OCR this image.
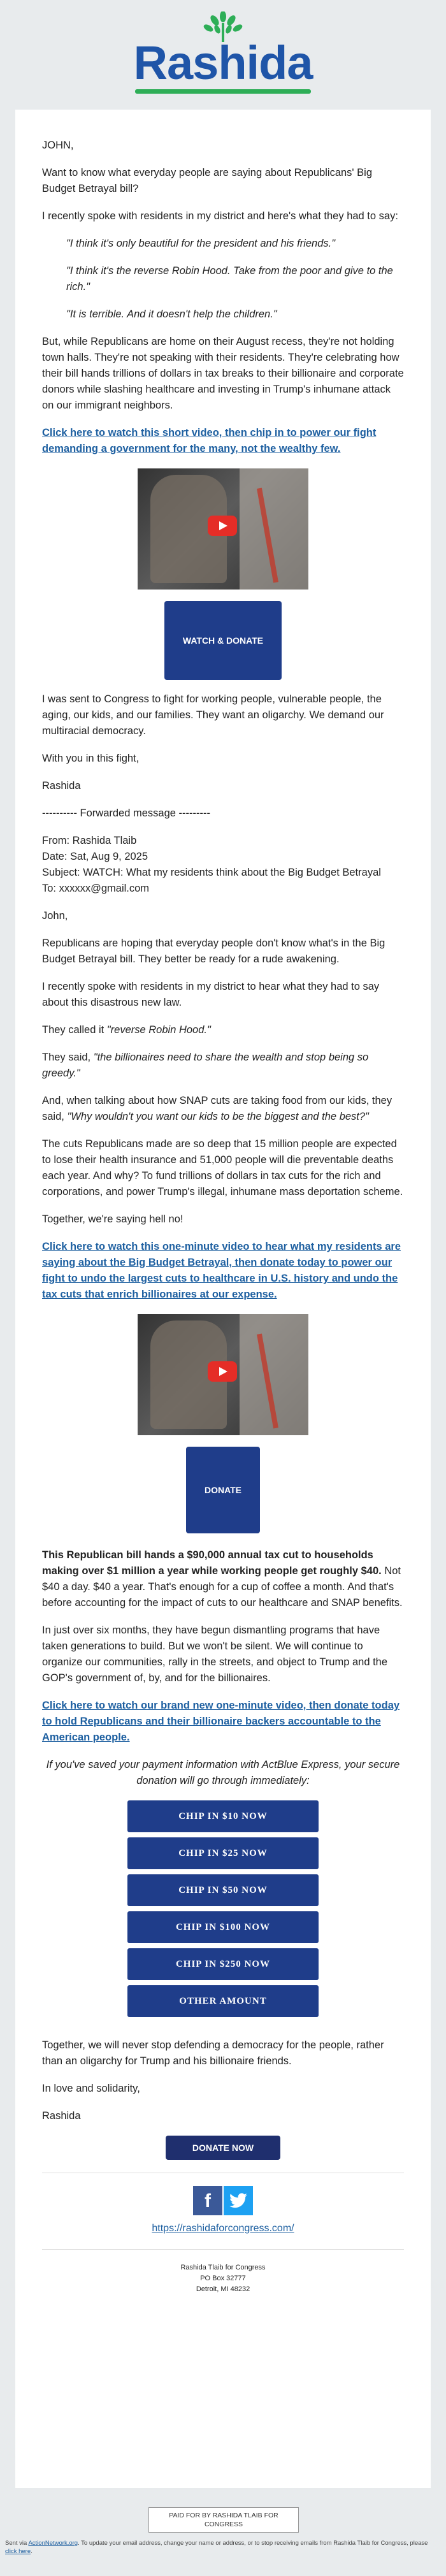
Rashida

JOHN,

Want to know what everyday people are saying about Republicans' Big Budget Betrayal bill?

I recently spoke with residents in my district and here's what they had to say:

"I think it's only beautiful for the president and his friends."

"I think it's the reverse Robin Hood. Take from the poor and give to the rich."

"It is terrible. And it doesn't help the children."

But, while Republicans are home on their August recess, they're not holding town halls. They're not speaking with their residents. They're celebrating how their bill hands trillions of dollars in tax breaks to their billionaire and corporate donors while slashing healthcare and investing in Trump's inhumane attack on our immigrant neighbors.

Click here to watch this short video, then chip in to power our fight demanding a government for the many, not the wealthy few.

WATCH & DONATE

I was sent to Congress to fight for working people, vulnerable people, the aging, our kids, and our families. They want an oligarchy. We demand our multiracial democracy.

With you in this fight,

Rashida

---------- Forwarded message ---------

From: Rashida Tlaib
Date: Sat, Aug 9, 2025
Subject: WATCH: What my residents think about the Big Budget Betrayal

To: xxxxxx@gmail.com

John,

Republicans are hoping that everyday people don't know what's in the Big Budget Betrayal bill. They better be ready for a rude awakening.

I recently spoke with residents in my district to hear what they had to say about this disastrous new law.

They called it "reverse Robin Hood."

They said, "the billionaires need to share the wealth and stop being so greedy."

And, when talking about how SNAP cuts are taking food from our kids, they said, "Why wouldn't you want our kids to be the biggest and the best?"

The cuts Republicans made are so deep that 15 million people are expected to lose their health insurance and 51,000 people will die preventable deaths each year. And why? To fund trillions of dollars in tax cuts for the rich and corporations, and power Trump's illegal, inhumane mass deportation scheme.

Together, we're saying hell no!

Click here to watch this one-minute video to hear what my residents are saying about the Big Budget Betrayal, then donate today to power our fight to undo the largest cuts to healthcare in U.S. history and undo the tax cuts that enrich billionaires at our expense.

DONATE

This Republican bill hands a $90,000 annual tax cut to households making over $1 million a year while working people get roughly $40. Not $40 a day. $40 a year. That's enough for a cup of coffee a month. And that's before accounting for the impact of cuts to our healthcare and SNAP benefits.

In just over six months, they have begun dismantling programs that have taken generations to build. But we won't be silent. We will continue to organize our communities, rally in the streets, and object to Trump and the GOP's government of, by, and for the billionaires.

Click here to watch our brand new one-minute video, then donate today to hold Republicans and their billionaire backers accountable to the American people.

If you've saved your payment information with ActBlue Express, your secure donation will go through immediately:

CHIP IN $10 NOW
CHIP IN $25 NOW
CHIP IN $50 NOW
CHIP IN $100 NOW
CHIP IN $250 NOW
OTHER AMOUNT

Together, we will never stop defending a democracy for the people, rather than an oligarchy for Trump and his billionaire friends.

In love and solidarity,

Rashida

DONATE NOW
f
https://rashidaforcongress.com/
Rashida Tlaib for Congress
PO Box 32777
Detroit, MI 48232
PAID FOR BY RASHIDA TLAIB FOR CONGRESS
Sent via ActionNetwork.org. To update your email address, change your name or address, or to stop receiving emails from Rashida Tlaib for Congress, please click here.
